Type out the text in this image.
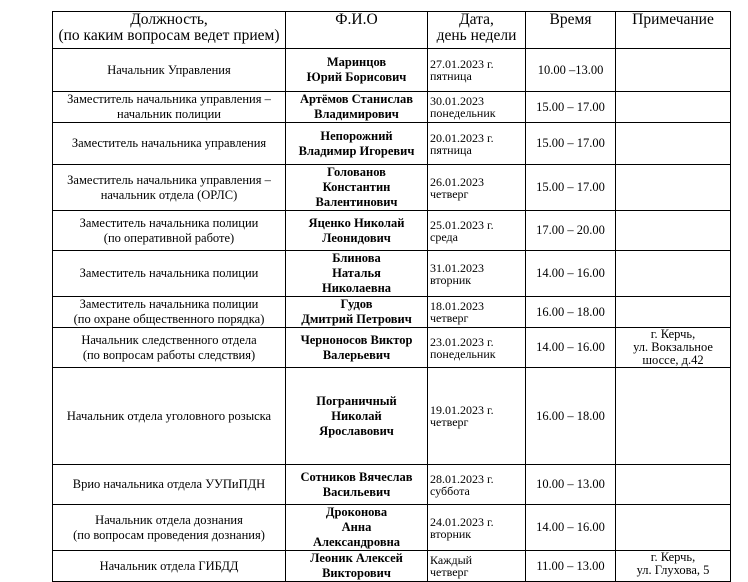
Должность,
(по каким вопросам ведет прием)	Ф.И.О	Дата,
день недели	Время	Примечание

Начальник Управления	Маринцов
Юрий Борисович	27.01.2023 г.
пятница	10.00 –13.00	

Заместитель начальника управления –
начальник полиции	Артёмов Станислав
Владимирович	30.01.2023
понедельник	15.00 – 17.00	

Заместитель начальника управления	Непорожний
Владимир Игоревич	20.01.2023 г.
пятница	15.00 – 17.00	

Заместитель начальника управления –
начальник отдела (ОРЛС)	Голованов
Константин
Валентинович	26.01.2023
четверг	15.00 – 17.00	

Заместитель начальника полиции
(по оперативной работе)	Яценко Николай
Леонидович	25.01.2023 г.
среда	17.00 – 20.00	

Заместитель начальника полиции	Блинова
Наталья
Николаевна	31.01.2023
вторник	14.00 – 16.00	

Заместитель начальника полиции
(по охране общественного порядка)	Гудов
Дмитрий Петрович	18.01.2023
четверг	16.00 – 18.00	

Начальник следственного отдела
(по вопросам работы следствия)	Черноносов Виктор
Валерьевич	23.01.2023 г.
понедельник	14.00 – 16.00	г. Керчь,
ул. Вокзальное
шоссе, д.42

Начальник отдела уголовного розыска	Пограничный
Николай
Ярославович	19.01.2023 г.
четверг	16.00 – 18.00	

Врио начальника отдела УУПиПДН	Сотников Вячеслав
Васильевич	28.01.2023 г.
суббота	10.00 – 13.00	

Начальник отдела дознания
(по вопросам проведения дознания)	Дроконова
Анна
Александровна	24.01.2023 г.
вторник	14.00 – 16.00	

Начальник отдела ГИБДД	Леоник Алексей
Викторович	Каждый
четверг	11.00 – 13.00	г. Керчь,
ул. Глухова, 5
